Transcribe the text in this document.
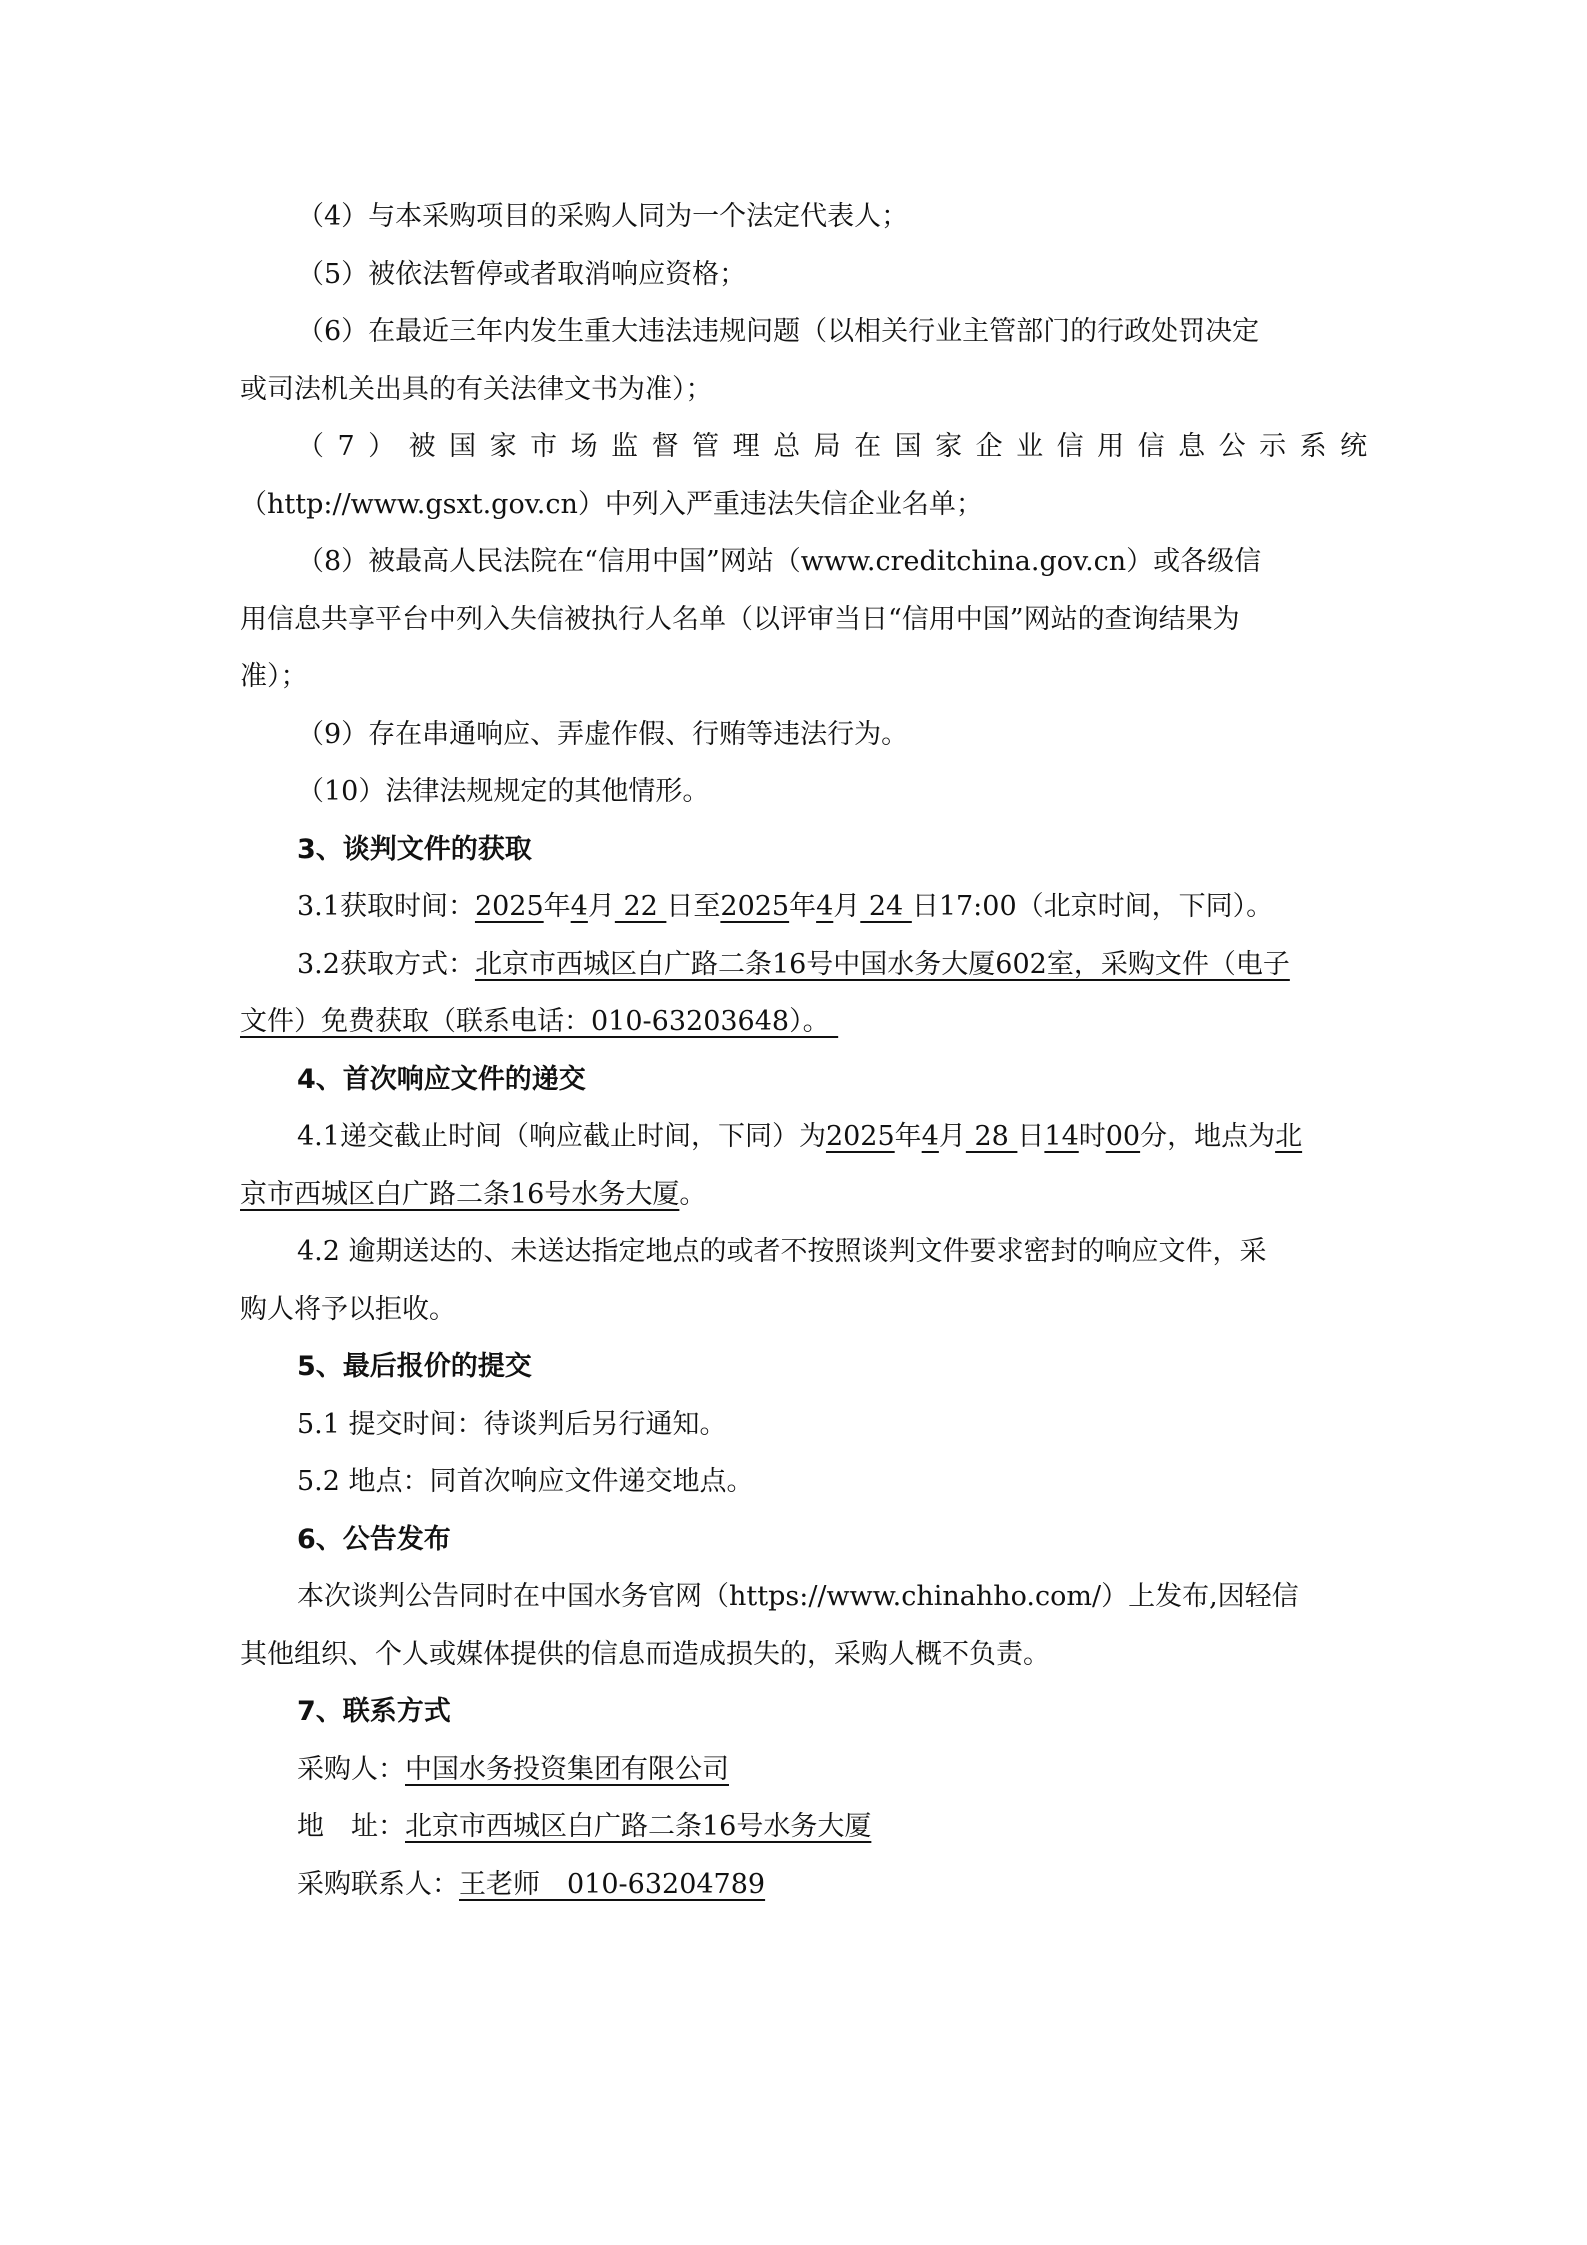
（4）与本采购项目的采购人同为一个法定代表人；

（5）被依法暂停或者取消响应资格；

（6）在最近三年内发生重大违法违规问题（以相关行业主管部门的行政处罚决定

或司法机关出具的有关法律文书为准）；

（7）被国家市场监督管理总局在国家企业信用信息公示系统

（http://www.gsxt.gov.cn）中列入严重违法失信企业名单；

（8）被最高人民法院在“信用中国”网站（www.creditchina.gov.cn）或各级信

用信息共享平台中列入失信被执行人名单（以评审当日“信用中国”网站的查询结果为

准）；

（9）存在串通响应、弄虚作假、行贿等违法行为。

（10）法律法规规定的其他情形。

3、谈判文件的获取

3.1获取时间：2025年4月 22 日至2025年4月 24 日17:00（北京时间，下同）。

3.2获取方式：北京市西城区白广路二条16号中国水务大厦602室，采购文件（电子

文件）免费获取（联系电话：010-63203648）。

4、首次响应文件的递交

4.1递交截止时间（响应截止时间，下同）为2025年4月 28 日14时00分，地点为北

京市西城区白广路二条16号水务大厦。

4.2 逾期送达的、未送达指定地点的或者不按照谈判文件要求密封的响应文件，采

购人将予以拒收。

5、最后报价的提交

5.1 提交时间：待谈判后另行通知。

5.2 地点：同首次响应文件递交地点。

6、公告发布

本次谈判公告同时在中国水务官网（https://www.chinahho.com/）上发布,因轻信

其他组织、个人或媒体提供的信息而造成损失的，采购人概不负责。

7、联系方式

采购人：中国水务投资集团有限公司

地　址：北京市西城区白广路二条16号水务大厦

采购联系人：王老师　010-63204789
